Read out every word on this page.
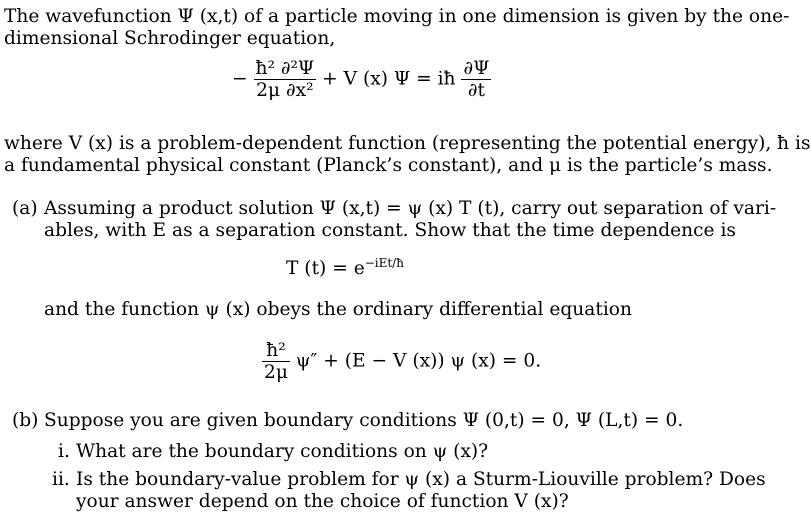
The wavefunction Ψ (x,t) of a particle moving in one dimension is given by the one-
dimensional Schrodinger equation,
− $\frac{\text{ħ² ∂²Ψ}}{\text{2μ ∂x²}} + V$ (x) Ψ = iħ $\frac{\partial\Psi}{\partial t}$
where V (x) is a problem-dependent function (representing the potential energy), ħ is
a fundamental physical constant (Planck’s constant), and μ is the particle’s mass.
(a) Assuming a product solution Ψ (x,t) = ψ (x) T (t), carry out separation of vari-
ables, with E as a separation constant. Show that the time dependence is
T $(t) = e^{-iEt/ħ}$
and the function ψ (x) obeys the ordinary differential equation
$\frac{\text{ħ²}}{2\mu} \psi'' + (E - V$ (x)) ψ (x) = 0.
(b) Suppose you are given boundary conditions Ψ (0,t) = 0, Ψ (L,t) = 0.
i. What are the boundary conditions on ψ (x)?
ii. Is the boundary-value problem for ψ (x) a Sturm-Liouville problem? Does
your answer depend on the choice of function V (x)?
